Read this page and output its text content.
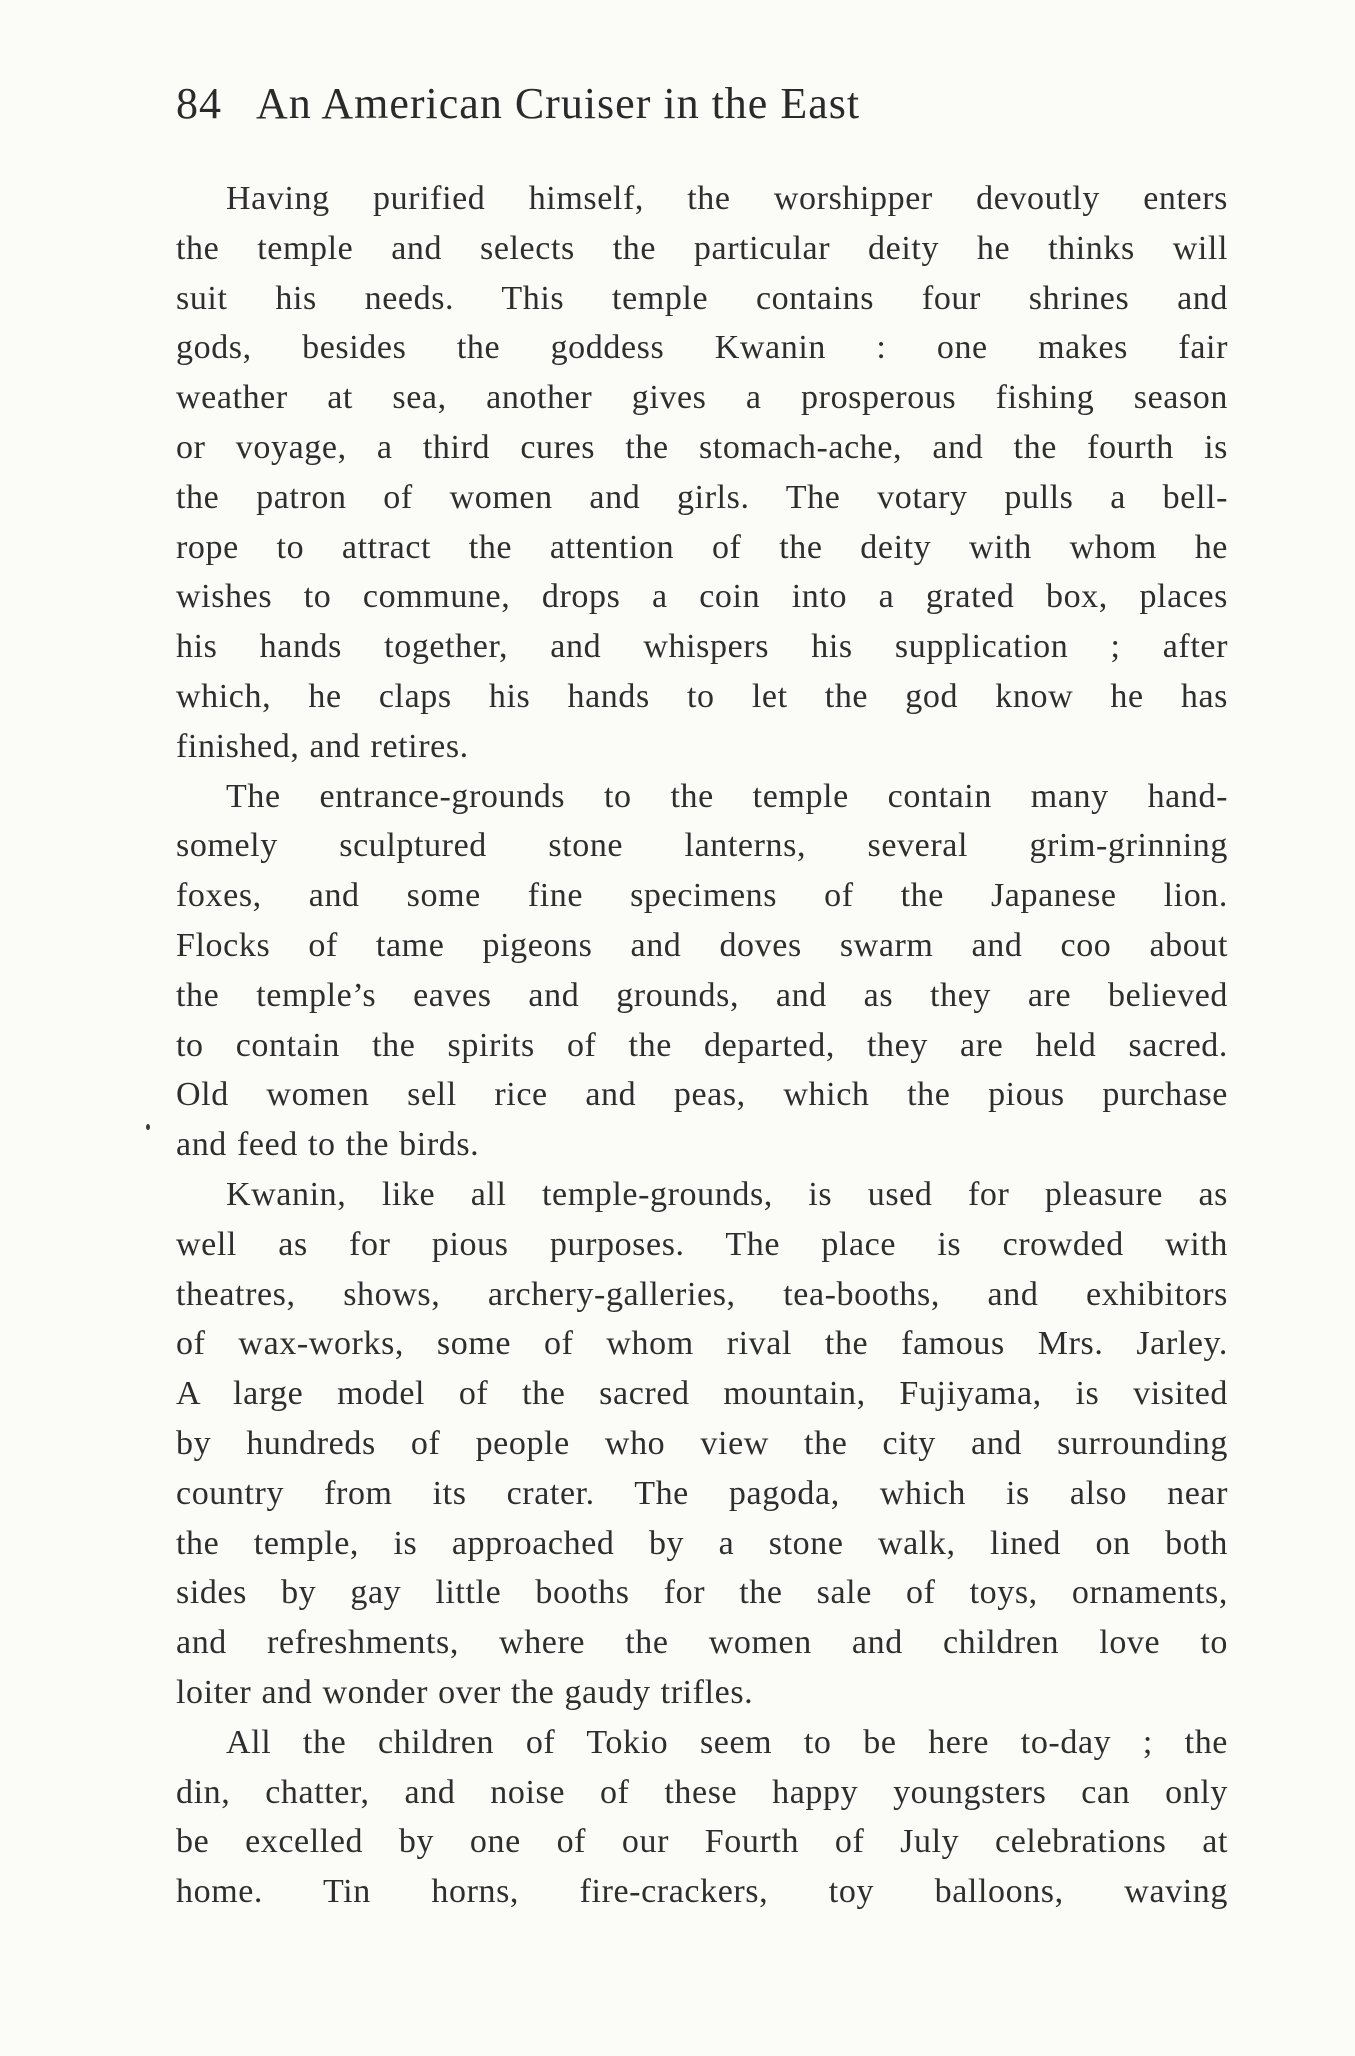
84 An American Cruiser in the East
Having purified himself, the worshipper devoutly enters
the temple and selects the particular deity he thinks will
suit his needs. This temple contains four shrines and
gods, besides the goddess Kwanin : one makes fair
weather at sea, another gives a prosperous fishing season
or voyage, a third cures the stomach-ache, and the fourth is
the patron of women and girls. The votary pulls a bell-
rope to attract the attention of the deity with whom he
wishes to commune, drops a coin into a grated box, places
his hands together, and whispers his supplication ; after
which, he claps his hands to let the god know he has
finished, and retires.
The entrance-grounds to the temple contain many hand-
somely sculptured stone lanterns, several grim-grinning
foxes, and some fine specimens of the Japanese lion.
Flocks of tame pigeons and doves swarm and coo about
the temple’s eaves and grounds, and as they are believed
to contain the spirits of the departed, they are held sacred.
Old women sell rice and peas, which the pious purchase
and feed to the birds.
Kwanin, like all temple-grounds, is used for pleasure as
well as for pious purposes. The place is crowded with
theatres, shows, archery-galleries, tea-booths, and exhibitors
of wax-works, some of whom rival the famous Mrs. Jarley.
A large model of the sacred mountain, Fujiyama, is visited
by hundreds of people who view the city and surrounding
country from its crater. The pagoda, which is also near
the temple, is approached by a stone walk, lined on both
sides by gay little booths for the sale of toys, ornaments,
and refreshments, where the women and children love to
loiter and wonder over the gaudy trifles.
All the children of Tokio seem to be here to-day ; the
din, chatter, and noise of these happy youngsters can only
be excelled by one of our Fourth of July celebrations at
home. Tin horns, fire-crackers, toy balloons, waving
